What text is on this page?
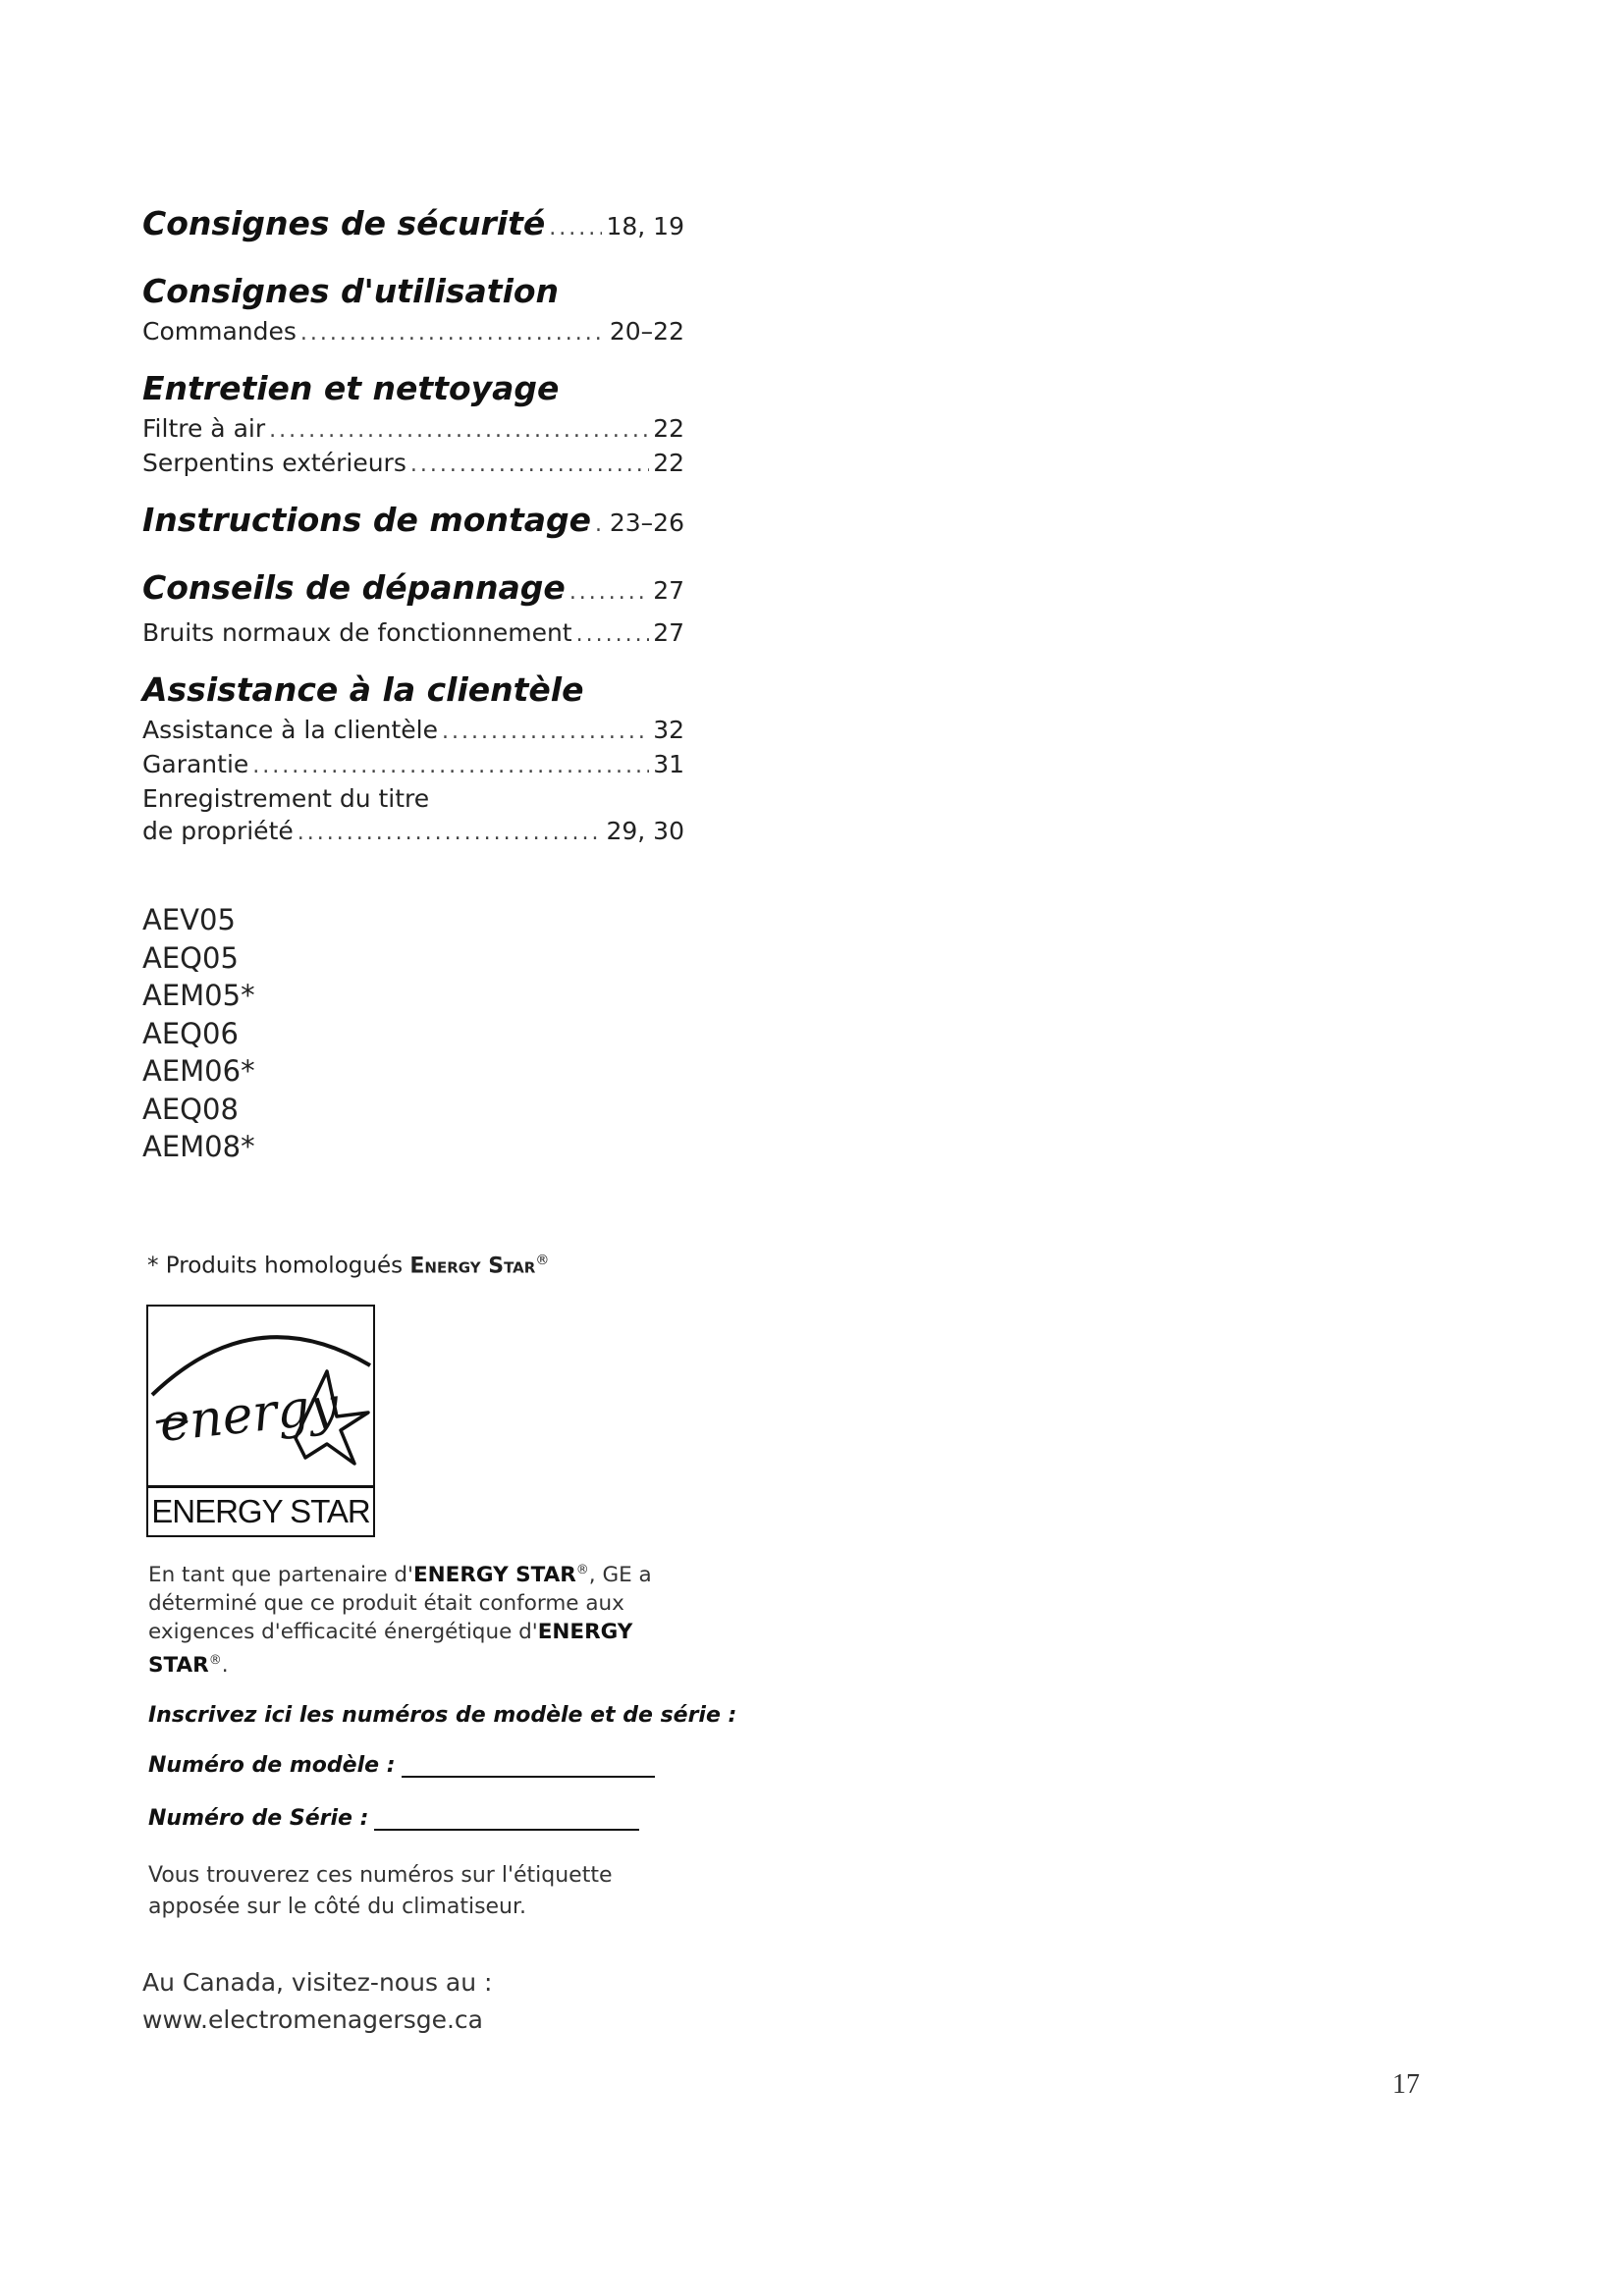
Consignes de sécurité ..... 18, 19
Consignes d'utilisation
Commandes .....	20–22
Entretien et nettoyage
Filtre à air .....	22
Serpentins extérieurs .....	22
Instructions de montage ..... 23–26
Conseils de dépannage .....	27
Bruits normaux de fonctionnement .....	27
Assistance à la clientèle
Assistance à la clientèle .....	32
Garantie .....	31
Enregistrement du titre
de propriété .....	29, 30
AEV05
AEQ05
AEM05*
AEQ06
AEM06*
AEQ08
AEM08*
* Produits homologués Energy Star®
energy
ENERGY STAR
En tant que partenaire d'ENERGY STAR®, GE a déterminé que ce produit était conforme aux exigences d'efficacité énergétique d'ENERGY STAR®.
Inscrivez ici les numéros de modèle et de série :
Numéro de modèle :
Numéro de Série :
Vous trouverez ces numéros sur l'étiquette apposée sur le côté du climatiseur.
Au Canada, visitez-nous au :
www.electromenagersge.ca
17
